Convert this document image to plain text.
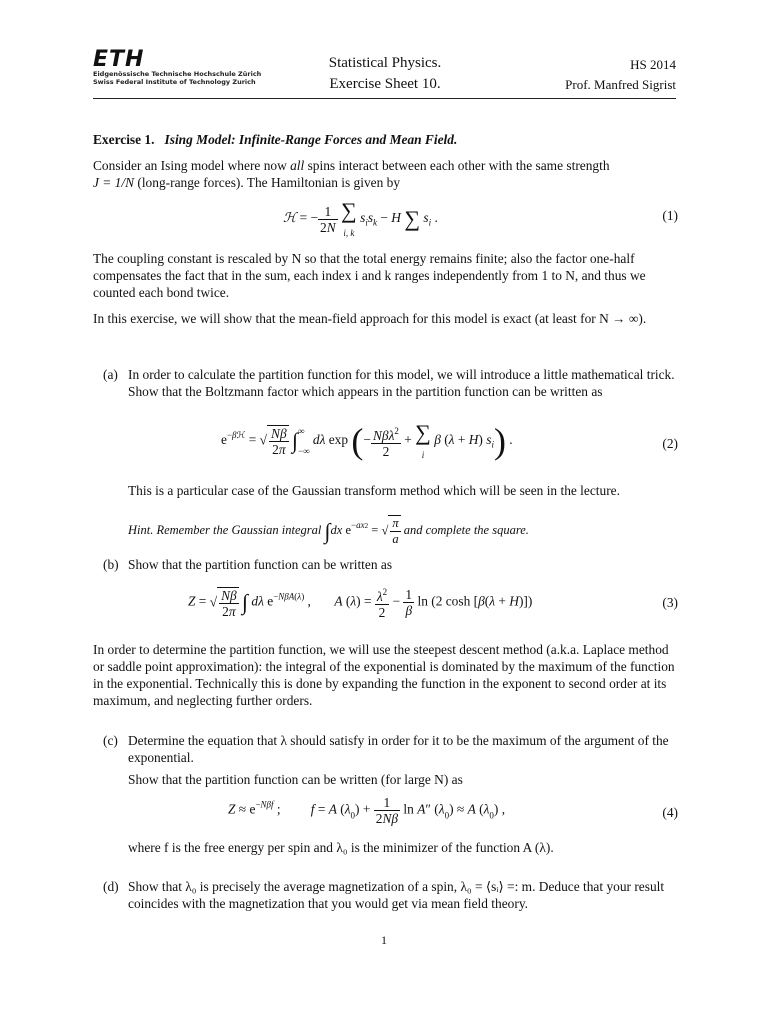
ETH
Eidgenössische Technische Hochschule Zürich
Swiss Federal Institute of Technology Zurich
Statistical Physics.
Exercise Sheet 10.
HS 2014
Prof. Manfred Sigrist
Exercise 1. Ising Model: Infinite-Range Forces and Mean Field.
Consider an Ising model where now all spins interact between each other with the same strength
J = 1/N (long-range forces). The Hamiltonian is given by
ℋ = − $\frac{1}{2N}$ ∑
i, k $s_is_k - H$ ∑ $s_i$ .	(1)
The coupling constant is rescaled by N so that the total energy remains finite; also the factor one-half compensates the fact that in the sum, each index i and k ranges independently from 1 to N, and thus we counted each bond twice.
In this exercise, we will show that the mean-field approach for this model is exact (at least for N → ∞).
(a) In order to calculate the partition function for this model, we will introduce a little mathematical trick. Show that the Boltzmann factor which appears in the partition function can be written as
$e^{-\beta ℋ}$ = √ $\frac{N\beta}{2\pi}$ ∫∞
−∞ dλ exp (− $\frac{N\beta\lambda^2}{2}$ + ∑
i β (λ + H) $s_i$) .	(2)
This is a particular case of the Gaussian transform method which will be seen in the lecture.
Hint. Remember the Gaussian integral ∫dx $e^{-ax2}$ = √ $\frac{\pi}{a}$ and complete the square.
(b) Show that the partition function can be written as
Z = √ $\frac{N\beta}{2\pi}$ ∫ dλ $e^{-N\beta A(\lambda)}$ ,       A $(\lambda) = \frac{\lambda^2}{2} - \frac{1}{\beta}$ ln (2 cosh [β(λ + H)])	(3)
In order to determine the partition function, we will use the steepest descent method (a.k.a. Laplace method or saddle point approximation): the integral of the exponential is dominated by the maximum of the function in the exponential. Technically this is done by expanding the function in the exponent to second order at its maximum, and neglecting further orders.
(c) Determine the equation that λ should satisfy in order for it to be the maximum of the argument of the exponential.
Show that the partition function can be written (for large N) as
$Z \approx e^{-N\beta f}$ ;         f = A $(\lambda_0) + \frac{1}{2N\beta}$ ln A″ $(\lambda_0) \approx A$ $(\lambda_0)$ ,	(4)
where f is the free energy per spin and λ₀ is the minimizer of the function A (λ).
(d) Show that λ₀ is precisely the average magnetization of a spin, λ₀ = ⟨sᵢ⟩ =: m. Deduce that your result coincides with the magnetization that you would get via mean field theory.
1
